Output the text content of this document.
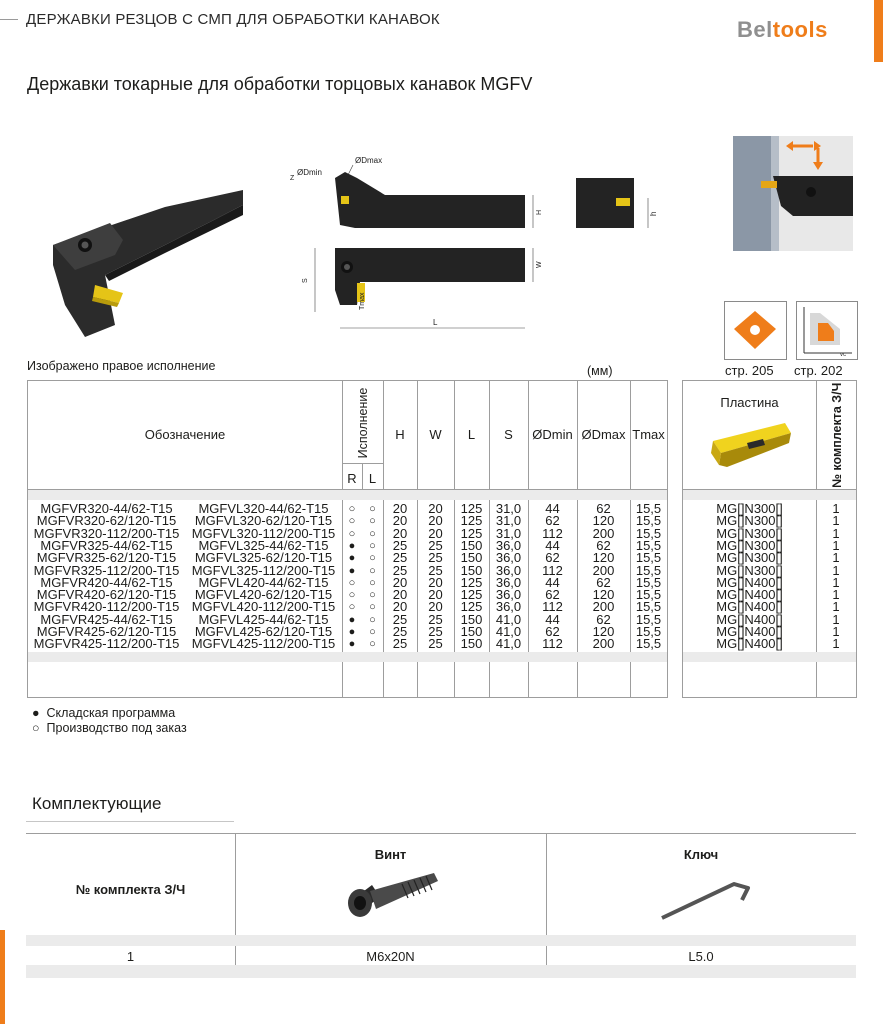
ДЕРЖАВКИ РЕЗЦОВ С СМП ДЛЯ ОБРАБОТКИ КАНАВОК	Beltools
Державки токарные для обработки торцовых канавок MGFV
Z
ØDmin
ØDmax
H
W
S
Tmax
L
h
vc
стр. 205 стр. 202
Изображено правое исполнение	(мм)
Обозначение	Исполнение
R L
H	W	L	S	ØDmin ØDmax Tmax
MGFVR320-44/62-T15	MGFVL320-44/62-T15	○	○	20	20	125	31,0	44	62	15,5
MGFVR320-62/120-T15	MGFVL320-62/120-T15	○	○	20	20	125	31,0	62	120	15,5
MGFVR320-112/200-T15 MGFVL320-112/200-T15	○	○	20	20	125	31,0	112	200	15,5
MGFVR325-44/62-T15	MGFVL325-44/62-T15	●	○	25	25	150	36,0	44	62	15,5
MGFVR325-62/120-T15	MGFVL325-62/120-T15	●	○	25	25	150	36,0	62	120	15,5
MGFVR325-112/200-T15 MGFVL325-112/200-T15	●	○	25	25	150	36,0	112	200	15,5
MGFVR420-44/62-T15	MGFVL420-44/62-T15	○	○	20	20	125	36,0	44	62	15,5
MGFVR420-62/120-T15	MGFVL420-62/120-T15	○	○	20	20	125	36,0	62	120	15,5
MGFVR420-112/200-T15 MGFVL420-112/200-T15	○	○	20	20	125	36,0	112	200	15,5
MGFVR425-44/62-T15	MGFVL425-44/62-T15	●	○	25	25	150	41,0	44	62	15,5
MGFVR425-62/120-T15	MGFVL425-62/120-T15	●	○	25	25	150	41,0	62	120	15,5
MGFVR425-112/200-T15 MGFVL425-112/200-T15	●	○	25	25	150	41,0	112	200	15,5
Пластина	№ комплекта З/Ч
MG[]N300[]	1
MG[]N300[]	1
MG[]N300[]	1
MG[]N300[]	1
MG[]N300[]	1
MG[]N300[]	1
MG[]N400[]	1
MG[]N400[]	1
MG[]N400[]	1
MG[]N400[]	1
MG[]N400[]	1
MG[]N400[]	1
● Складская программа
○ Производство под заказ
Комплектующие
№ комплекта З/Ч
Винт	Ключ
1	M6x20N	L5.0
